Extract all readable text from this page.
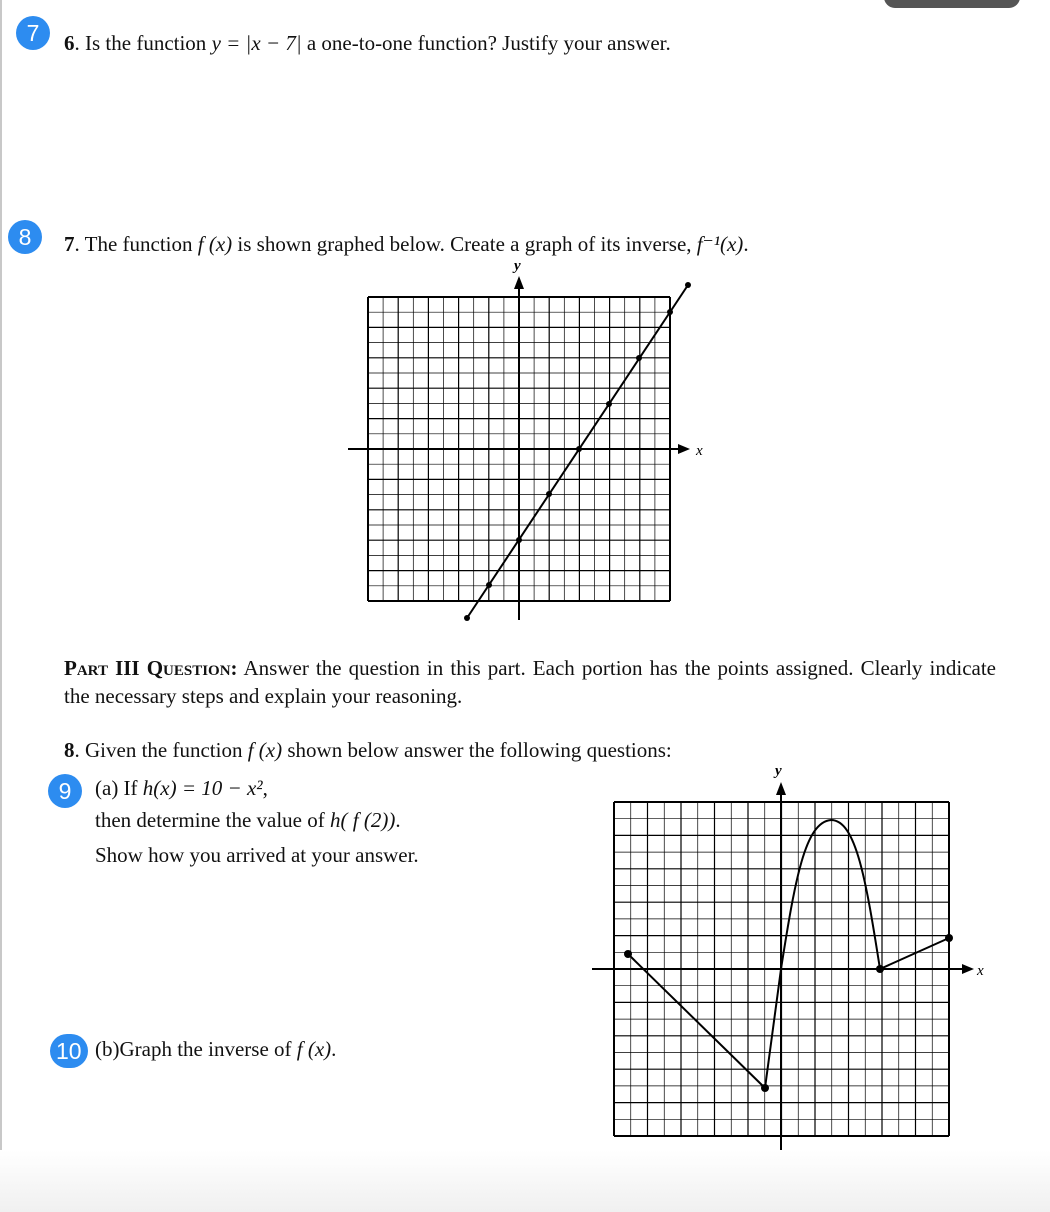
7
8
9
10
6. Is the function y = |x − 7| a one-to-one function? Justify your answer.
7. The function f (x) is shown graphed below. Create a graph of its inverse, f⁻¹(x).
x
y
x
y
Part III Question: Answer the question in this part. Each portion has the points assigned. Clearly indicate the necessary steps and explain your reasoning.
8. Given the function f (x) shown below answer the following questions:
(a) If h(x) = 10 − x²,
then determine the value of h( f (2)).
Show how you arrived at your answer.
(b)Graph the inverse of f (x).
